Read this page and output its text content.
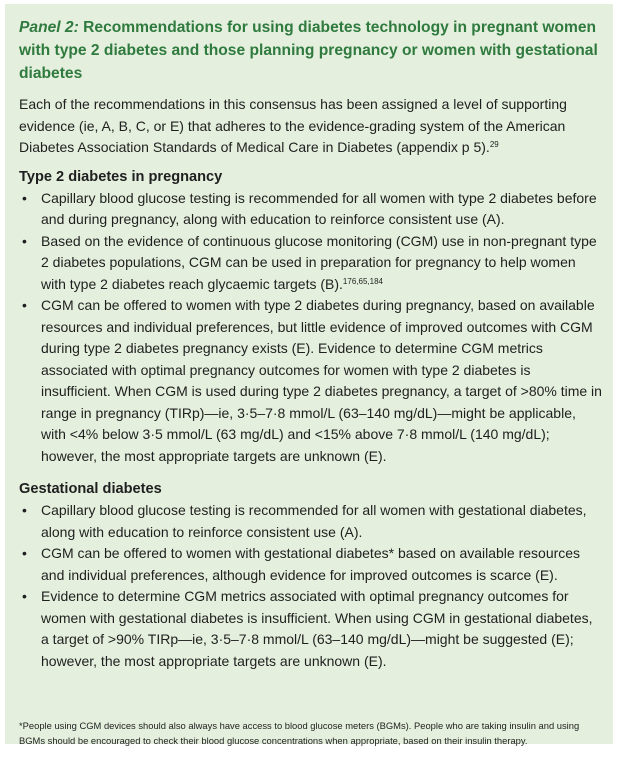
Panel 2: Recommendations for using diabetes technology in pregnant women with type 2 diabetes and those planning pregnancy or women with gestational diabetes

Each of the recommendations in this consensus has been assigned a level of supporting evidence (ie, A, B, C, or E) that adheres to the evidence-grading system of the American Diabetes Association Standards of Medical Care in Diabetes (appendix p 5).$^{29}$

Type 2 diabetes in pregnancy
• Capillary blood glucose testing is recommended for all women with type 2 diabetes before and during pregnancy, along with education to reinforce consistent use (A).
• Based on the evidence of continuous glucose monitoring (CGM) use in non-pregnant type 2 diabetes populations, CGM can be used in preparation for pregnancy to help women with type 2 diabetes reach glycaemic targets (B).$^{176,65,184}$
• CGM can be offered to women with type 2 diabetes during pregnancy, based on available resources and individual preferences, but little evidence of improved outcomes with CGM during type 2 diabetes pregnancy exists (E). Evidence to determine CGM metrics associated with optimal pregnancy outcomes for women with type 2 diabetes is insufficient. When CGM is used during type 2 diabetes pregnancy, a target of >80% time in range in pregnancy (TIRp)—ie, 3·5–7·8 mmol/L (63–140 mg/dL)—might be applicable, with <4% below 3·5 mmol/L (63 mg/dL) and <15% above 7·8 mmol/L (140 mg/dL); however, the most appropriate targets are unknown (E).
Gestational diabetes
• Capillary blood glucose testing is recommended for all women with gestational diabetes, along with education to reinforce consistent use (A).
• CGM can be offered to women with gestational diabetes* based on available resources and individual preferences, although evidence for improved outcomes is scarce (E).
• Evidence to determine CGM metrics associated with optimal pregnancy outcomes for women with gestational diabetes is insufficient. When using CGM in gestational diabetes, a target of >90% TIRp—ie, 3·5–7·8 mmol/L (63–140 mg/dL)—might be suggested (E); however, the most appropriate targets are unknown (E).

*People using CGM devices should also always have access to blood glucose meters (BGMs). People who are taking insulin and using BGMs should be encouraged to check their blood glucose concentrations when appropriate, based on their insulin therapy.
